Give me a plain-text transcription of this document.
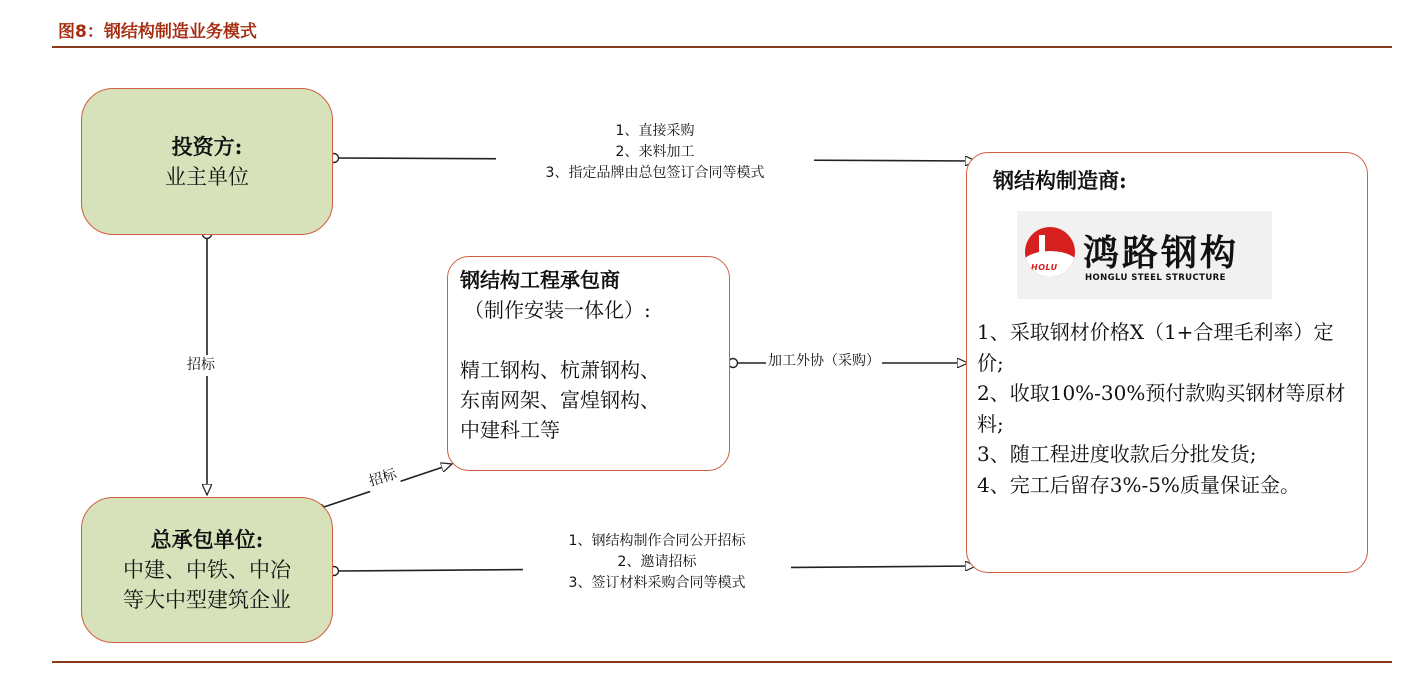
图8：钢结构制造业务模式
投资方:
业主单位
总承包单位:
中建、中铁、中冶
等大中型建筑企业
钢结构工程承包商
（制作安装一体化）:
精工钢构、杭萧钢构、
东南网架、富煌钢构、
中建科工等
钢结构制造商:
HOLU 鸿路钢构
HONGLU STEEL STRUCTURE
1、采取钢材价格X（1+合理毛利率）定价;
2、收取10%-30%预付款购买钢材等原材料;
3、随工程进度收款后分批发货;
4、完工后留存3%-5%质量保证金。
1、直接采购
2、来料加工
3、指定品牌由总包签订合同等模式
招标
招标
加工外协（采购）
1、钢结构制作合同公开招标
2、邀请招标
3、签订材料采购合同等模式
